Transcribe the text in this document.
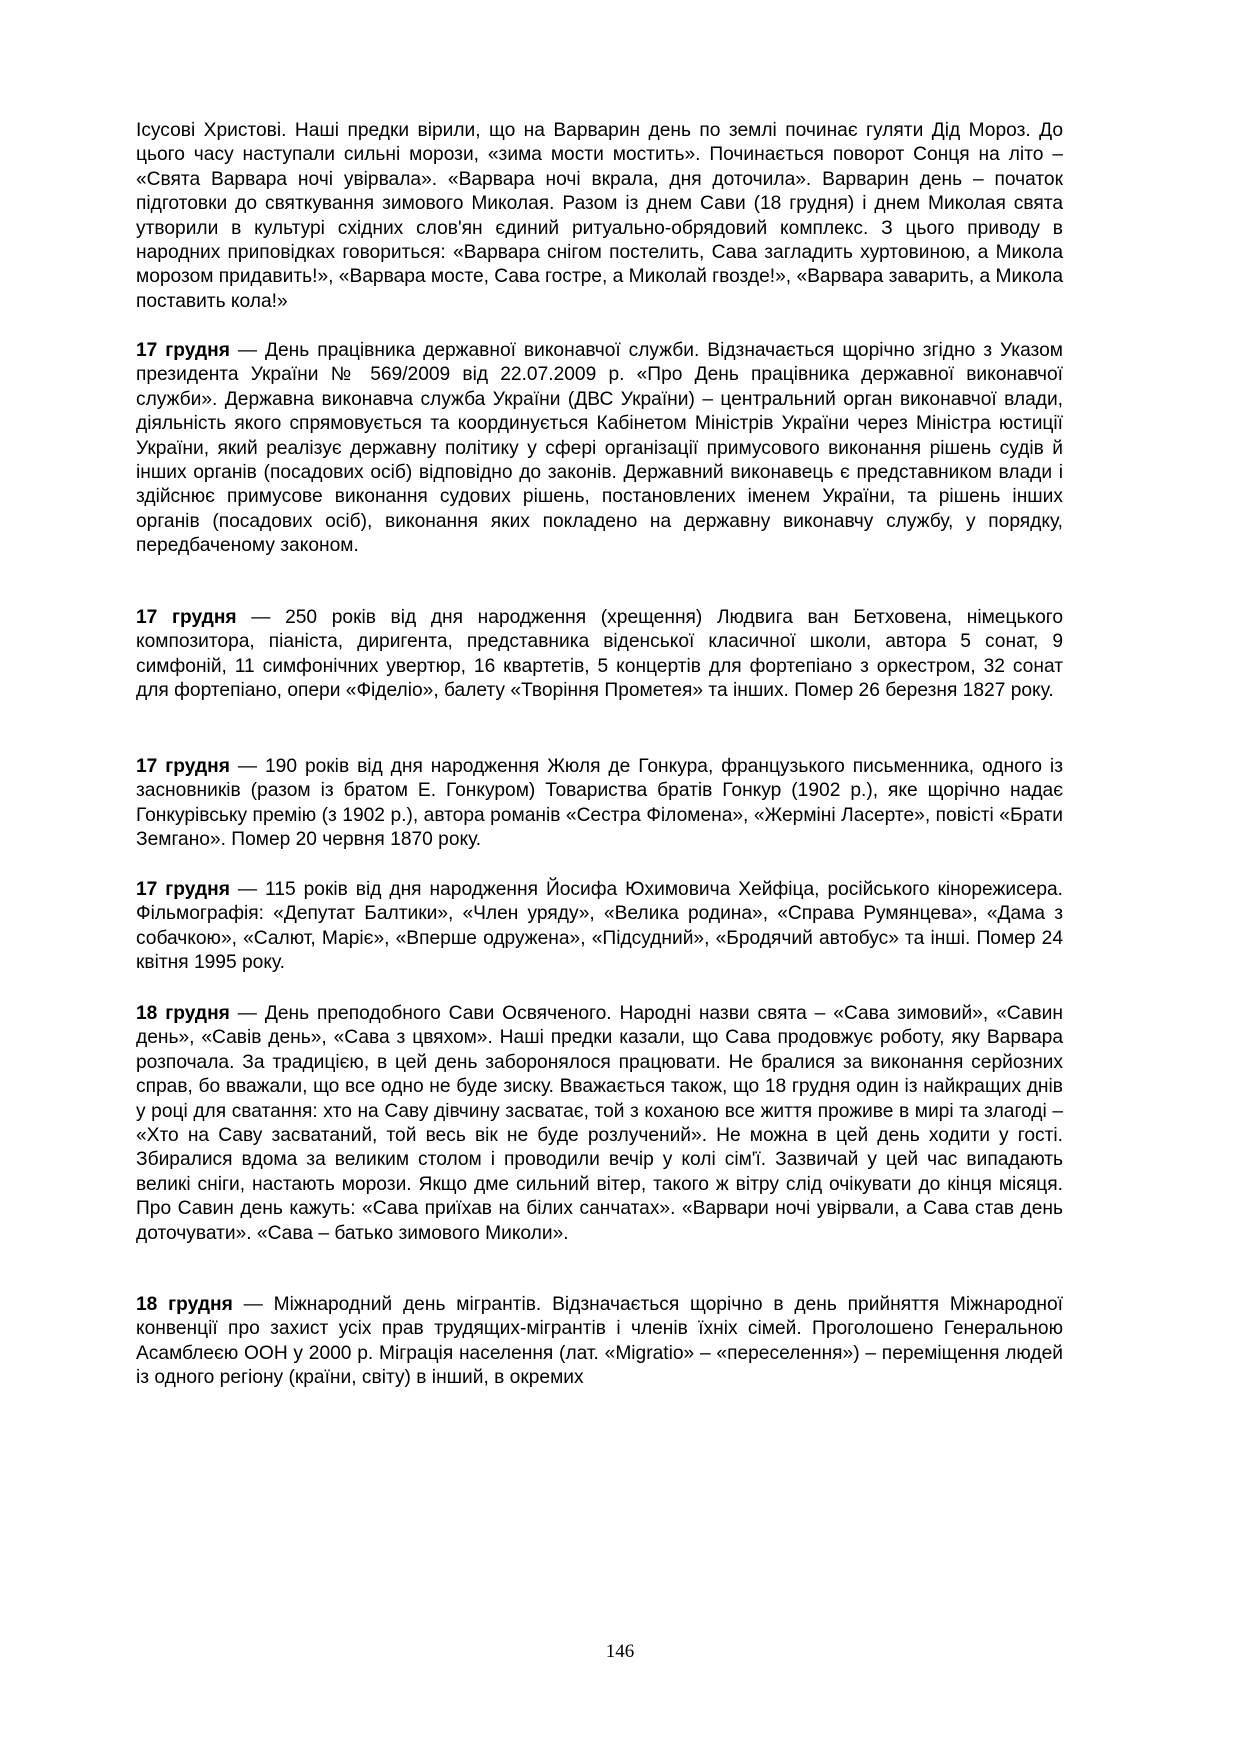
Ісусові Христові. Наші предки вірили, що на Варварин день по землі починає гуляти Дід Мороз. До цього часу наступали сильні морози, «зима мости мостить». Починається поворот Сонця на літо – «Свята Варвара ночі увірвала». «Варвара ночі вкрала, дня доточила». Варварин день – початок підготовки до святкування зимового Миколая. Разом із днем Сави (18 грудня) і днем Миколая свята утворили в культурі східних слов'ян єдиний ритуально-обрядовий комплекс. З цього приводу в народних приповідках говориться: «Варвара снігом постелить, Сава загладить хуртовиною, а Микола морозом придавить!», «Варвара мосте, Сава гостре, а Миколай гвозде!», «Варвара заварить, а Микола поставить кола!»
17 грудня — День працівника державної виконавчої служби. Відзначається щорічно згідно з Указом президента України № 569/2009 від 22.07.2009 р. «Про День працівника державної виконавчої служби». Державна виконавча служба України (ДВС України) – центральний орган виконавчої влади, діяльність якого спрямовується та координується Кабінетом Міністрів України через Міністра юстиції України, який реалізує державну політику у сфері організації примусового виконання рішень судів й інших органів (посадових осіб) відповідно до законів. Державний виконавець є представником влади і здійснює примусове виконання судових рішень, постановлених іменем України, та рішень інших органів (посадових осіб), виконання яких покладено на державну виконавчу службу, у порядку, передбаченому законом.
17 грудня — 250 років від дня народження (хрещення) Людвига ван Бетховена, німецького композитора, піаніста, диригента, представника віденської класичної школи, автора 5 сонат, 9 симфоній, 11 симфонічних увертюр, 16 квартетів, 5 концертів для фортепіано з оркестром, 32 сонат для фортепіано, опери «Фіделіо», балету «Творіння Прометея» та інших. Помер 26 березня 1827 року.
17 грудня — 190 років від дня народження Жюля де Гонкура, французького письменника, одного із засновників (разом із братом Е. Гонкуром) Товариства братів Гонкур (1902 р.), яке щорічно надає Гонкурівську премію (з 1902 р.), автора романів «Сестра Філомена», «Жерміні Ласерте», повісті «Брати Земгано». Помер 20 червня 1870 року.
17 грудня — 115 років від дня народження Йосифа Юхимовича Хейфіца, російського кінорежисера. Фільмографія: «Депутат Балтики», «Член уряду», «Велика родина», «Справа Румянцева», «Дама з собачкою», «Салют, Маріє», «Вперше одружена», «Підсудний», «Бродячий автобус» та інші. Помер 24 квітня 1995 року.
18 грудня — День преподобного Сави Освяченого. Народні назви свята – «Сава зимовий», «Савин день», «Савів день», «Сава з цвяхом». Наші предки казали, що Сава продовжує роботу, яку Варвара розпочала. За традицією, в цей день заборонялося працювати. Не бралися за виконання серйозних справ, бо вважали, що все одно не буде зиску. Вважається також, що 18 грудня один із найкращих днів у році для сватання: хто на Саву дівчину засватає, той з коханою все життя проживе в мирі та злагоді – «Хто на Саву засватаний, той весь вік не буде розлучений». Не можна в цей день ходити у гості. Збиралися вдома за великим столом і проводили вечір у колі сім'ї. Зазвичай у цей час випадають великі сніги, настають морози. Якщо дме сильний вітер, такого ж вітру слід очікувати до кінця місяця. Про Савин день кажуть: «Сава приїхав на білих санчатах». «Варвари ночі увірвали, а Сава став день доточувати». «Сава – батько зимового Миколи».
18 грудня — Міжнародний день мігрантів. Відзначається щорічно в день прийняття Міжнародної конвенції про захист усіх прав трудящих-мігрантів і членів їхніх сімей. Проголошено Генеральною Асамблеєю ООН у 2000 р. Міграція населення (лат. «Migratio» – «переселення») – переміщення людей із одного регіону (країни, світу) в інший, в окремих
146
